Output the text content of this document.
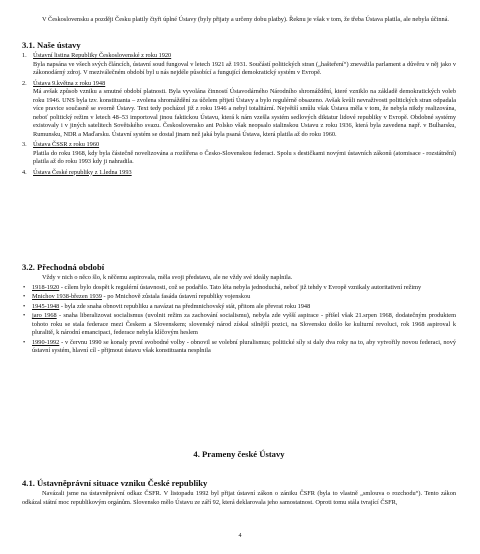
V Československu a později Česku platily čtyři úplné Ústavy (byly přijaty a určeny dobu platby). Řeknu je však v tom, že třeba Ústava platila, ale nebyla účinná.

3.1. Naše ústavy
1. Ústavní listina Republiky Československé z roku 1920
Byla napsána ve všech svých článcích, ústavní soud fungoval v letech 1921 až 1931. Součástí politických stran („hašteření“) znevažila parlament a důvěru v něj jako v zákonodárný zdroj. V meziválečném období byl u nás nejdéle působící a fungující demokratický systém v Evropě.
2. Ústava 9.května z roku 1948
Má avšak způsob vzniku a smutné období platnosti. Byla vyvolána činností Ústavodárného Národního shromáždění, které vzniklo na základě demokratických voleb roku 1946. UNS byla tzv. konstituanta – zvolena shromáždění za účelem přijetí Ústavy a bylo regulérně obsazeno. Avšak kvůli nevraživosti politických stran odpadala více pravice současně se svorně Ústavy. Text tedy pocházel již z roku 1946 a nebyl totalitární. Největší smůlu však Ústava měla v tom, že nebyla nikdy realizována, neboť politický režim v letech 48–53 importoval jinou faktickou Ústavu, která k nám vzešla systém sedlových diktatur lidové republiky v Evropě. Obdobné systémy existovaly i v jiných satelitech Sovětského svazu. Československo ani Polsko však neopsalo stalinskou Ustavu z roku 1936, která byla zavedena např. v Bulharsku, Rumunsku, NDR a Maďarsku. Ústavní systém se dostal jinam než jaká byla psaná Ústava, která platila až do roku 1960.
3. Ústava ČSSR z roku 1960
Platila do roku 1968, kdy byla částečně novelizována a rozšířena o Česko-Slovenskou federaci. Spolu s destičkami novými ústavních zákonů (atomisace - rozstátnění) platila až do roku 1993 kdy ji nahradila.
4. Ústava České republiky z 1.ledna 1993
3.2. Přechodná období

Vždy v nich o něco šlo, k něčemu aspirovala, měla svoji představu, ale ne vždy své ideály naplnila.

• 1918-1920 - cílem bylo dospět k regulérní ústavnosti, což se podařilo. Tato léta nebyla jednoduchá, neboť již tehdy v Evropě vznikaly autoritativní režimy
• Mnichov 1938-březen 1939 - po Mnichově zůstala fasáda ústavní republiky vojenskou
• 1945-1948 - byla zde snaha obnovit republiku a navázat na předmnichovský stát, přitom ale převrat roku 1948
• jaro 1968 - snaha liberalizovat socialismus (uvolnit režim za zachování socialismu), nebyla zde vyšší aspirace - přišel však 21.srpen 1968, dodatečným produktem tohoto roku se stala federace mezi Českem a Slovenskem; slovenský národ získal silnější pozici, na Slovensku došlo ke kulturní revoluci, rok 1968 aspiroval k pluralitě, k národní emancipaci, federace nebyla klíčovým heslem
• 1990-1992 - v červnu 1990 se konaly první svobodné volby - obnovil se volební pluralismus; politické síly si daly dva roky na to, aby vytvořily novou federaci, nový ústavní systém, hlavní cíl - přijmout ústavu však konstituanta nesplnila
4. Prameny české Ústavy
4.1. Ústavněprávní situace vzniku České republiky

Navázali jsme na ústavněprávní odkaz ČSFR. V listopadu 1992 byl přijat ústavní zákon o zániku ČSFR (byla to vlastně „smlouva o rozchodu“). Tento zákon odkázal státní moc republikovým orgánům. Slovensko mělo Ústavu ze září 92, která deklarovala jeho samostatnost. Oproti tomu stála tvrající ČSFR,

4
